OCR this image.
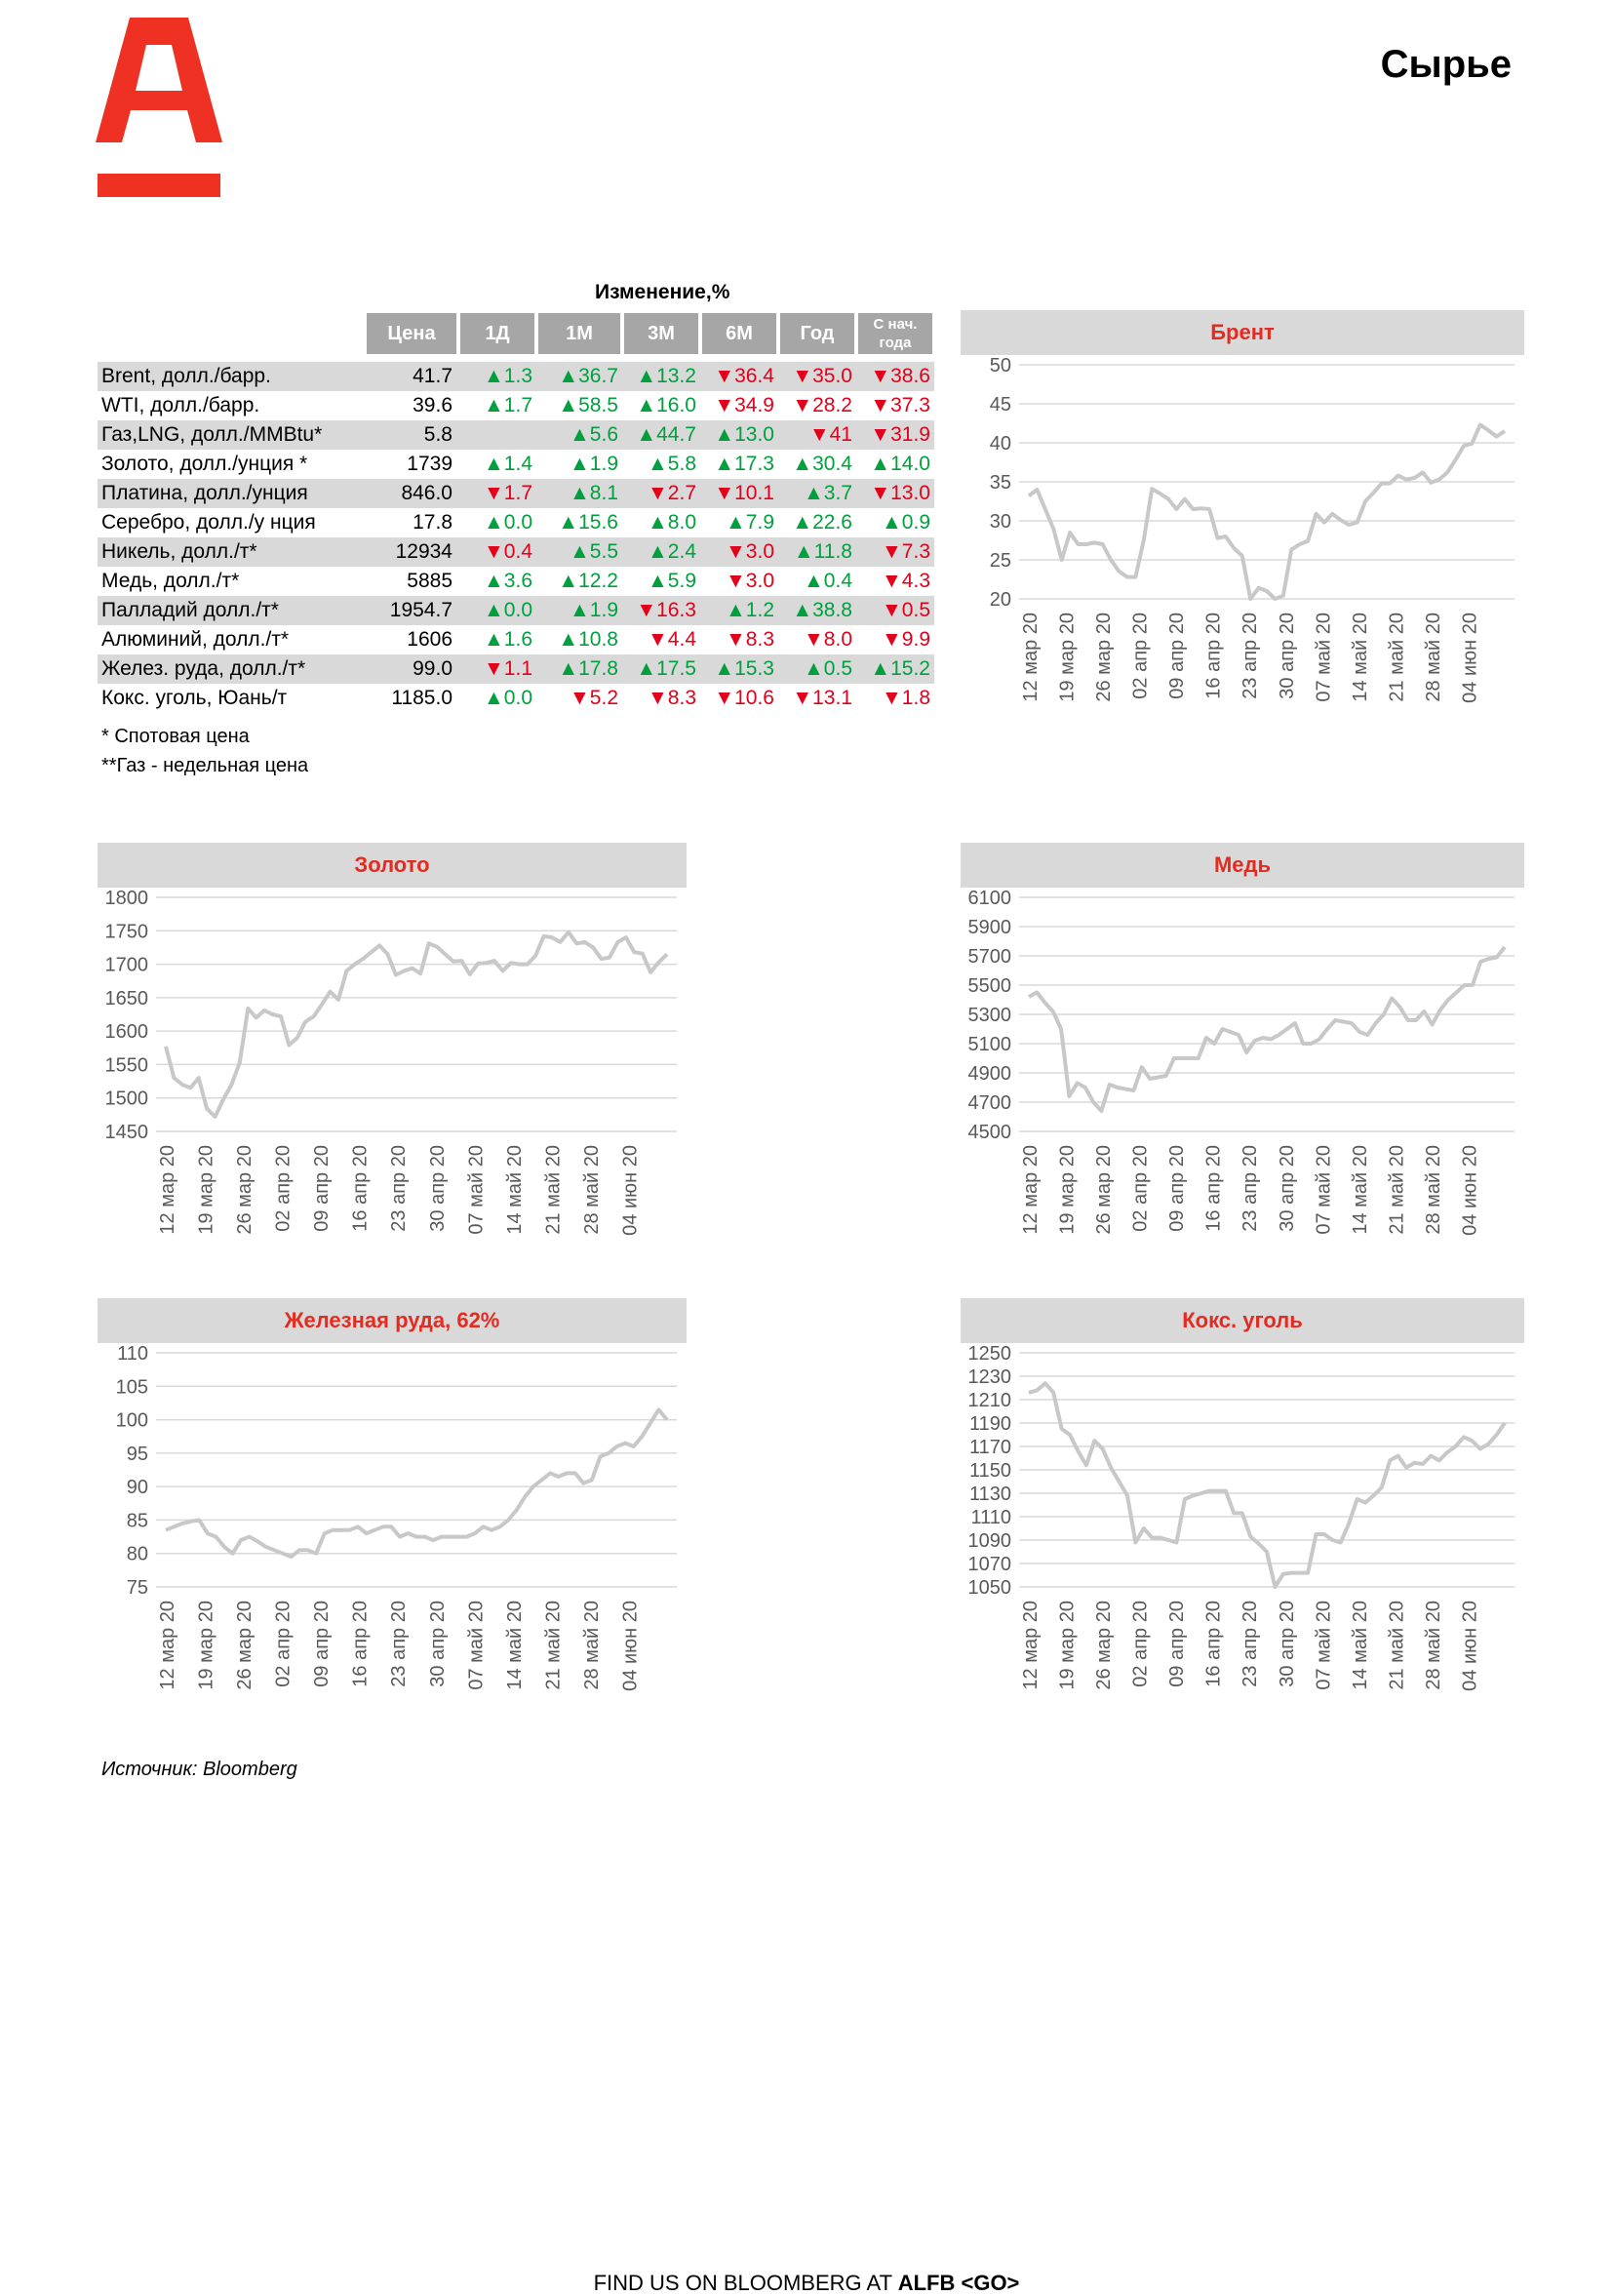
Сырье
Изменение,%
	Цена	1Д	1М	3М	6М	Год	С нач. года

Brent, долл./барр.	41.7	▲1.3	▲36.7	▲13.2	▼36.4	▼35.0	▼38.6
WTI, долл./барр.	39.6	▲1.7	▲58.5	▲16.0	▼34.9	▼28.2	▼37.3
Газ,LNG, долл./MMBtu*	5.8		▲5.6	▲44.7	▲13.0	▼41	▼31.9
Золото, долл./унция *	1739	▲1.4	▲1.9	▲5.8	▲17.3	▲30.4	▲14.0
Платина, долл./унция	846.0	▼1.7	▲8.1	▼2.7	▼10.1	▲3.7	▼13.0
Серебро, долл./у нция	17.8	▲0.0	▲15.6	▲8.0	▲7.9	▲22.6	▲0.9
Никель, долл./т*	12934	▼0.4	▲5.5	▲2.4	▼3.0	▲11.8	▼7.3
Медь, долл./т*	5885	▲3.6	▲12.2	▲5.9	▼3.0	▲0.4	▼4.3
Палладий долл./т*	1954.7	▲0.0	▲1.9	▼16.3	▲1.2	▲38.8	▼0.5
Алюминий, долл./т*	1606	▲1.6	▲10.8	▼4.4	▼8.3	▼8.0	▼9.9
Желез. руда, долл./т*	99.0	▼1.1	▲17.8	▲17.5	▲15.3	▲0.5	▲15.2
Кокс. уголь, Юань/т	1185.0	▲0.0	▼5.2	▼8.3	▼10.6	▼13.1	▼1.8
* Спотовая цена
**Газ - недельная цена
Брент
20
25
30
35
40
45
50
12 мар 20 19 мар 20 26 мар 20 02 апр 20 09 апр 20 16 апр 20 23 апр 20 30 апр 20 07 май 20 14 май 20 21 май 20 28 май 20 04 июн 20
Золото
1450
1500
1550
1600
1650
1700
1750
1800
12 мар 20 19 мар 20 26 мар 20 02 апр 20 09 апр 20 16 апр 20 23 апр 20 30 апр 20 07 май 20 14 май 20 21 май 20 28 май 20 04 июн 20
Медь
4500
4700
4900
5100
5300
5500
5700
5900
6100
12 мар 20 19 мар 20 26 мар 20 02 апр 20 09 апр 20 16 апр 20 23 апр 20 30 апр 20 07 май 20 14 май 20 21 май 20 28 май 20 04 июн 20
Железная руда, 62%
75
80
85
90
95
100
105
110
12 мар 20 19 мар 20 26 мар 20 02 апр 20 09 апр 20 16 апр 20 23 апр 20 30 апр 20 07 май 20 14 май 20 21 май 20 28 май 20 04 июн 20
Кокс. уголь
1050
1070
1090
1110
1130
1150
1170
1190
1210
1230
1250
12 мар 20 19 мар 20 26 мар 20 02 апр 20 09 апр 20 16 апр 20 23 апр 20 30 апр 20 07 май 20 14 май 20 21 май 20 28 май 20 04 июн 20
Источник: Bloomberg
FIND US ON BLOOMBERG AT ALFB <GO>
